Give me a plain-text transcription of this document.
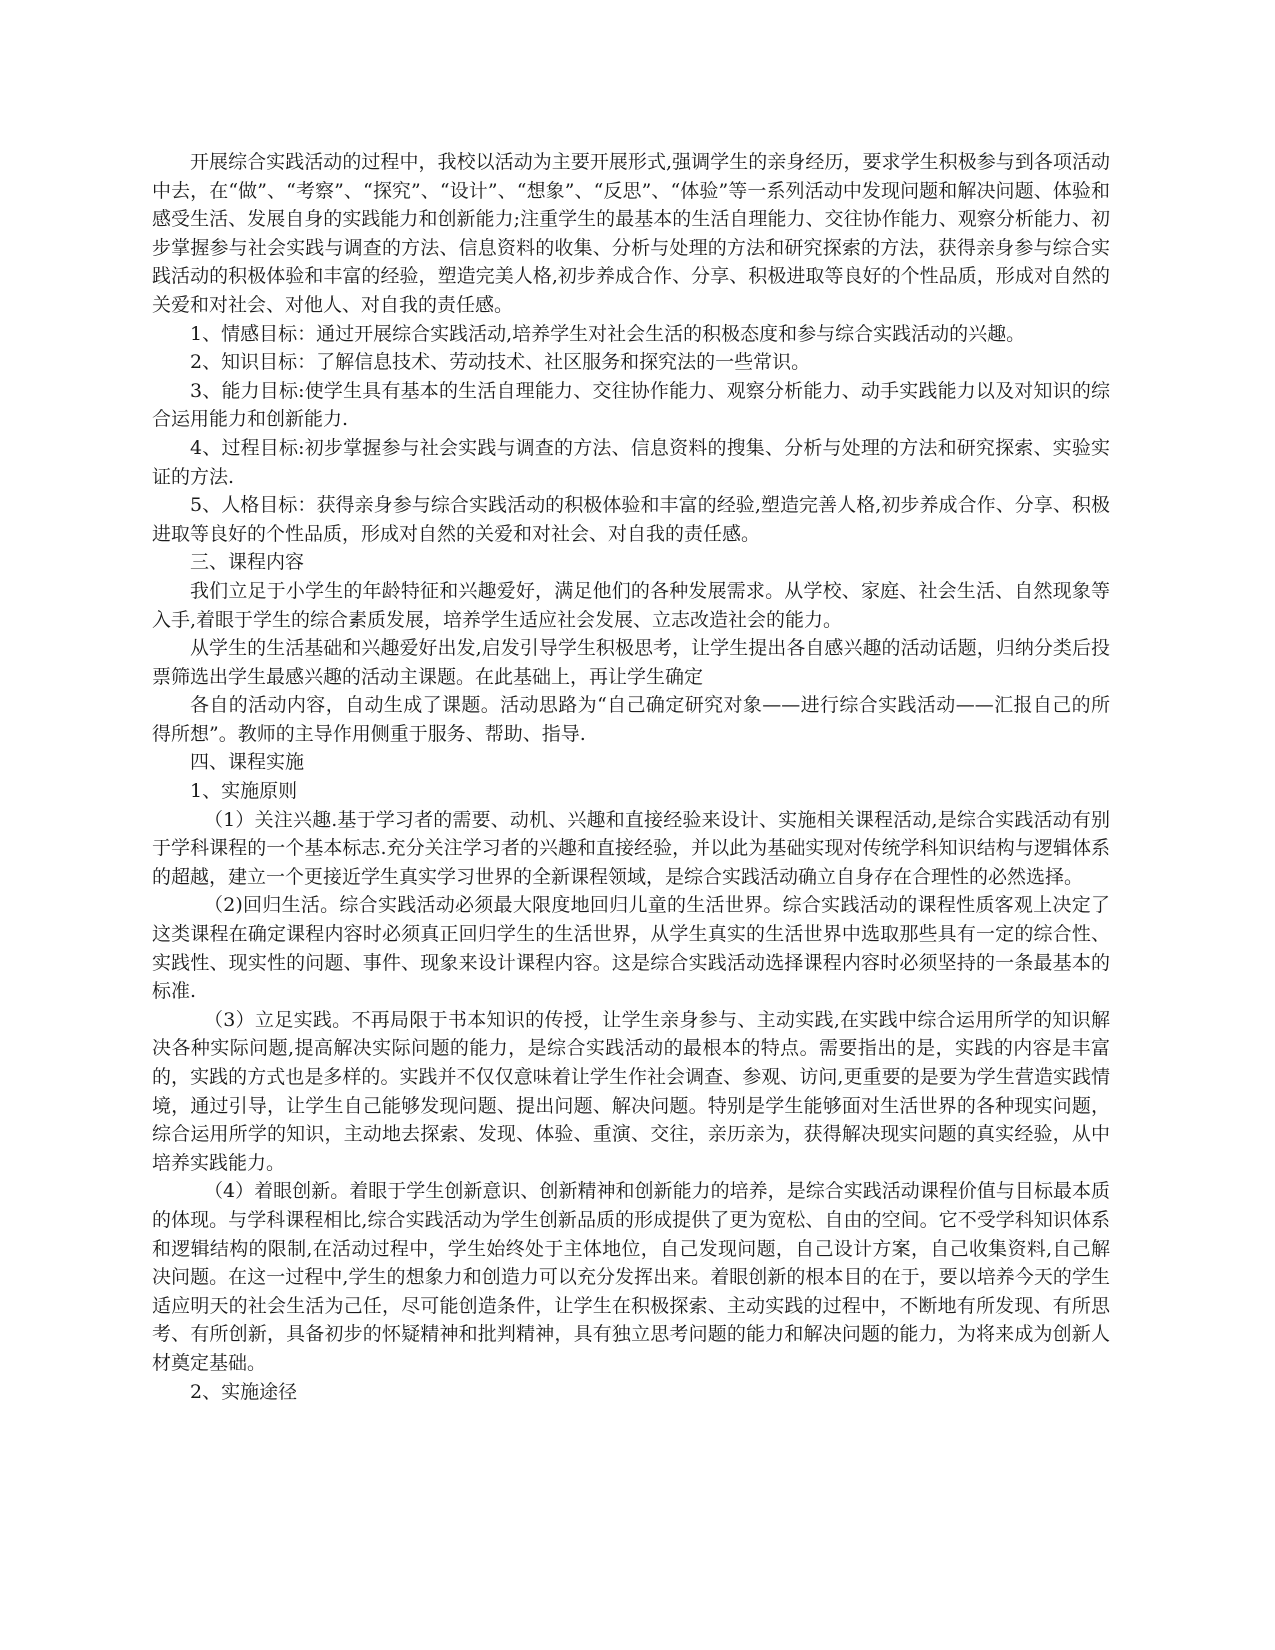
开展综合实践活动的过程中，我校以活动为主要开展形式,强调学生的亲身经历，要求学生积极参与到各项活动中去，在“做”、“考察”、“探究”、“设计”、“想象”、“反思”、“体验”等一系列活动中发现问题和解决问题、体验和感受生活、发展自身的实践能力和创新能力;注重学生的最基本的生活自理能力、交往协作能力、观察分析能力、初步掌握参与社会实践与调查的方法、信息资料的收集、分析与处理的方法和研究探索的方法，获得亲身参与综合实践活动的积极体验和丰富的经验，塑造完美人格,初步养成合作、分享、积极进取等良好的个性品质，形成对自然的关爱和对社会、对他人、对自我的责任感。

1、情感目标：通过开展综合实践活动,培养学生对社会生活的积极态度和参与综合实践活动的兴趣。

2、知识目标：了解信息技术、劳动技术、社区服务和探究法的一些常识。

3、能力目标:使学生具有基本的生活自理能力、交往协作能力、观察分析能力、动手实践能力以及对知识的综合运用能力和创新能力.

4、过程目标:初步掌握参与社会实践与调查的方法、信息资料的搜集、分析与处理的方法和研究探索、实验实证的方法.

5、人格目标：获得亲身参与综合实践活动的积极体验和丰富的经验,塑造完善人格,初步养成合作、分享、积极进取等良好的个性品质，形成对自然的关爱和对社会、对自我的责任感。

三、课程内容

我们立足于小学生的年龄特征和兴趣爱好，满足他们的各种发展需求。从学校、家庭、社会生活、自然现象等入手,着眼于学生的综合素质发展，培养学生适应社会发展、立志改造社会的能力。

从学生的生活基础和兴趣爱好出发,启发引导学生积极思考，让学生提出各自感兴趣的活动话题，归纳分类后投票筛选出学生最感兴趣的活动主课题。在此基础上，再让学生确定

各自的活动内容，自动生成了课题。活动思路为“自己确定研究对象——进行综合实践活动——汇报自己的所得所想”。教师的主导作用侧重于服务、帮助、指导.

四、课程实施

1、实施原则

（1）关注兴趣.基于学习者的需要、动机、兴趣和直接经验来设计、实施相关课程活动,是综合实践活动有别于学科课程的一个基本标志.充分关注学习者的兴趣和直接经验，并以此为基础实现对传统学科知识结构与逻辑体系的超越，建立一个更接近学生真实学习世界的全新课程领域，是综合实践活动确立自身存在合理性的必然选择。

（2)回归生活。综合实践活动必须最大限度地回归儿童的生活世界。综合实践活动的课程性质客观上决定了这类课程在确定课程内容时必须真正回归学生的生活世界，从学生真实的生活世界中选取那些具有一定的综合性、实践性、现实性的问题、事件、现象来设计课程内容。这是综合实践活动选择课程内容时必须坚持的一条最基本的标准.

（3）立足实践。不再局限于书本知识的传授，让学生亲身参与、主动实践,在实践中综合运用所学的知识解决各种实际问题,提高解决实际问题的能力，是综合实践活动的最根本的特点。需要指出的是，实践的内容是丰富的，实践的方式也是多样的。实践并不仅仅意味着让学生作社会调查、参观、访问,更重要的是要为学生营造实践情境，通过引导，让学生自己能够发现问题、提出问题、解决问题。特别是学生能够面对生活世界的各种现实问题，综合运用所学的知识，主动地去探索、发现、体验、重演、交往，亲历亲为，获得解决现实问题的真实经验，从中培养实践能力。

（4）着眼创新。着眼于学生创新意识、创新精神和创新能力的培养，是综合实践活动课程价值与目标最本质的体现。与学科课程相比,综合实践活动为学生创新品质的形成提供了更为宽松、自由的空间。它不受学科知识体系和逻辑结构的限制,在活动过程中，学生始终处于主体地位，自己发现问题，自己设计方案，自己收集资料,自己解决问题。在这一过程中,学生的想象力和创造力可以充分发挥出来。着眼创新的根本目的在于，要以培养今天的学生适应明天的社会生活为己任，尽可能创造条件，让学生在积极探索、主动实践的过程中，不断地有所发现、有所思考、有所创新，具备初步的怀疑精神和批判精神，具有独立思考问题的能力和解决问题的能力，为将来成为创新人材奠定基础。

2、实施途径
